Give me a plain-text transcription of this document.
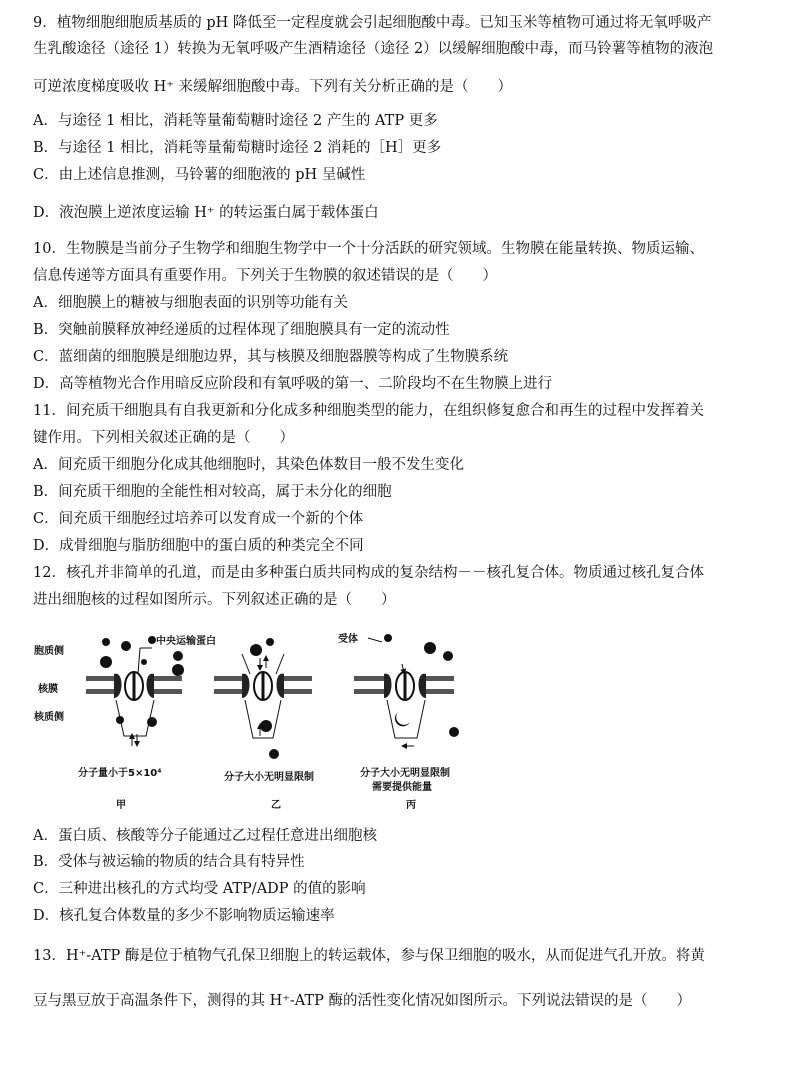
9．植物细胞细胞质基质的 pH 降低至一定程度就会引起细胞酸中毒。已知玉米等植物可通过将无氧呼吸产
生乳酸途径（途径 1）转换为无氧呼吸产生酒精途径（途径 2）以缓解细胞酸中毒，而马铃薯等植物的液泡
可逆浓度梯度吸收 H⁺ 来缓解细胞酸中毒。下列有关分析正确的是（　　）
A．与途径 1 相比，消耗等量葡萄糖时途径 2 产生的 ATP 更多
B．与途径 1 相比，消耗等量葡萄糖时途径 2 消耗的［H］更多
C．由上述信息推测，马铃薯的细胞液的 pH 呈碱性
D．液泡膜上逆浓度运输 H⁺ 的转运蛋白属于载体蛋白
10．生物膜是当前分子生物学和细胞生物学中一个十分活跃的研究领域。生物膜在能量转换、物质运输、
信息传递等方面具有重要作用。下列关于生物膜的叙述错误的是（　　）
A．细胞膜上的糖被与细胞表面的识别等功能有关
B．突触前膜释放神经递质的过程体现了细胞膜具有一定的流动性
C．蓝细菌的细胞膜是细胞边界，其与核膜及细胞器膜等构成了生物膜系统
D．高等植物光合作用暗反应阶段和有氧呼吸的第一、二阶段均不在生物膜上进行
11．间充质干细胞具有自我更新和分化成多种细胞类型的能力，在组织修复愈合和再生的过程中发挥着关
键作用。下列相关叙述正确的是（　　）
A．间充质干细胞分化成其他细胞时，其染色体数目一般不发生变化
B．间充质干细胞的全能性相对较高，属于未分化的细胞
C．间充质干细胞经过培养可以发育成一个新的个体
D．成骨细胞与脂肪细胞中的蛋白质的种类完全不同
12．核孔并非简单的孔道，而是由多种蛋白质共同构成的复杂结构－－核孔复合体。物质通过核孔复合体
进出细胞核的过程如图所示。下列叙述正确的是（　　）
胞质侧
核膜
核质侧
中央运输蛋白
分子量小于5×10⁴
甲
分子大小无明显限制
乙
受体
分子大小无明显限制
需要提供能量
丙
A．蛋白质、核酸等分子能通过乙过程任意进出细胞核
B．受体与被运输的物质的结合具有特异性
C．三种进出核孔的方式均受 ATP/ADP 的值的影响
D．核孔复合体数量的多少不影响物质运输速率
13．H⁺-ATP 酶是位于植物气孔保卫细胞上的转运载体，参与保卫细胞的吸水，从而促进气孔开放。将黄
豆与黑豆放于高温条件下，测得的其 H⁺-ATP 酶的活性变化情况如图所示。下列说法错误的是（　　）
